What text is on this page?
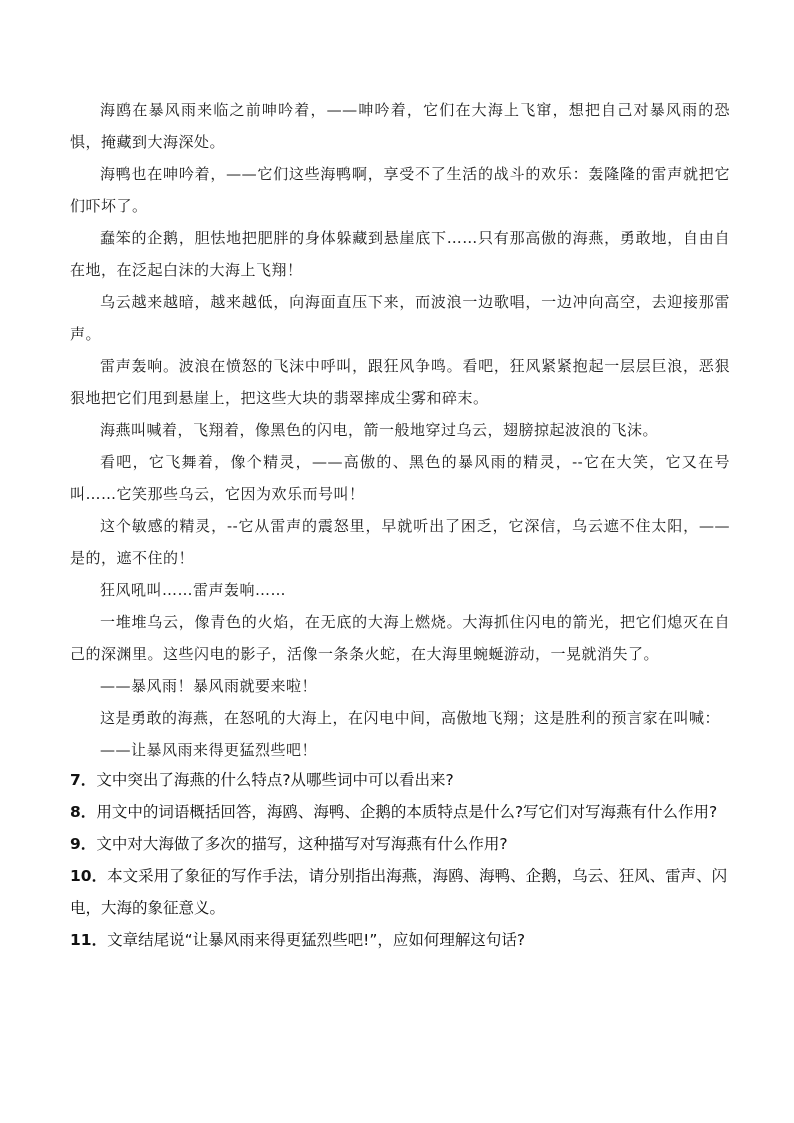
海鸥在暴风雨来临之前呻吟着，——呻吟着，它们在大海上飞窜，想把自己对暴风雨的恐惧，掩藏到大海深处。

海鸭也在呻吟着，——它们这些海鸭啊，享受不了生活的战斗的欢乐：轰隆隆的雷声就把它们吓坏了。

蠢笨的企鹅，胆怯地把肥胖的身体躲藏到悬崖底下……只有那高傲的海燕，勇敢地，自由自在地，在泛起白沫的大海上飞翔！

乌云越来越暗，越来越低，向海面直压下来，而波浪一边歌唱，一边冲向高空，去迎接那雷声。

雷声轰响。波浪在愤怒的飞沫中呼叫，跟狂风争鸣。看吧，狂风紧紧抱起一层层巨浪，恶狠狠地把它们甩到悬崖上，把这些大块的翡翠摔成尘雾和碎末。

海燕叫喊着，飞翔着，像黑色的闪电，箭一般地穿过乌云，翅膀掠起波浪的飞沫。

看吧，它飞舞着，像个精灵，——高傲的、黑色的暴风雨的精灵，--它在大笑，它又在号叫……它笑那些乌云，它因为欢乐而号叫！

这个敏感的精灵，--它从雷声的震怒里，早就听出了困乏，它深信，乌云遮不住太阳，——是的，遮不住的！

狂风吼叫……雷声轰响……

一堆堆乌云，像青色的火焰，在无底的大海上燃烧。大海抓住闪电的箭光，把它们熄灭在自己的深渊里。这些闪电的影子，活像一条条火蛇，在大海里蜿蜒游动，一晃就消失了。

——暴风雨！暴风雨就要来啦！

这是勇敢的海燕，在怒吼的大海上，在闪电中间，高傲地飞翔；这是胜利的预言家在叫喊：

——让暴风雨来得更猛烈些吧！

7．文中突出了海燕的什么特点?从哪些词中可以看出来?

8．用文中的词语概括回答，海鸥、海鸭、企鹅的本质特点是什么?写它们对写海燕有什么作用?

9．文中对大海做了多次的描写，这种描写对写海燕有什么作用?

10．本文采用了象征的写作手法，请分别指出海燕，海鸥、海鸭、企鹅，乌云、狂风、雷声、闪电，大海的象征意义。

11．文章结尾说“让暴风雨来得更猛烈些吧!”，应如何理解这句话?
